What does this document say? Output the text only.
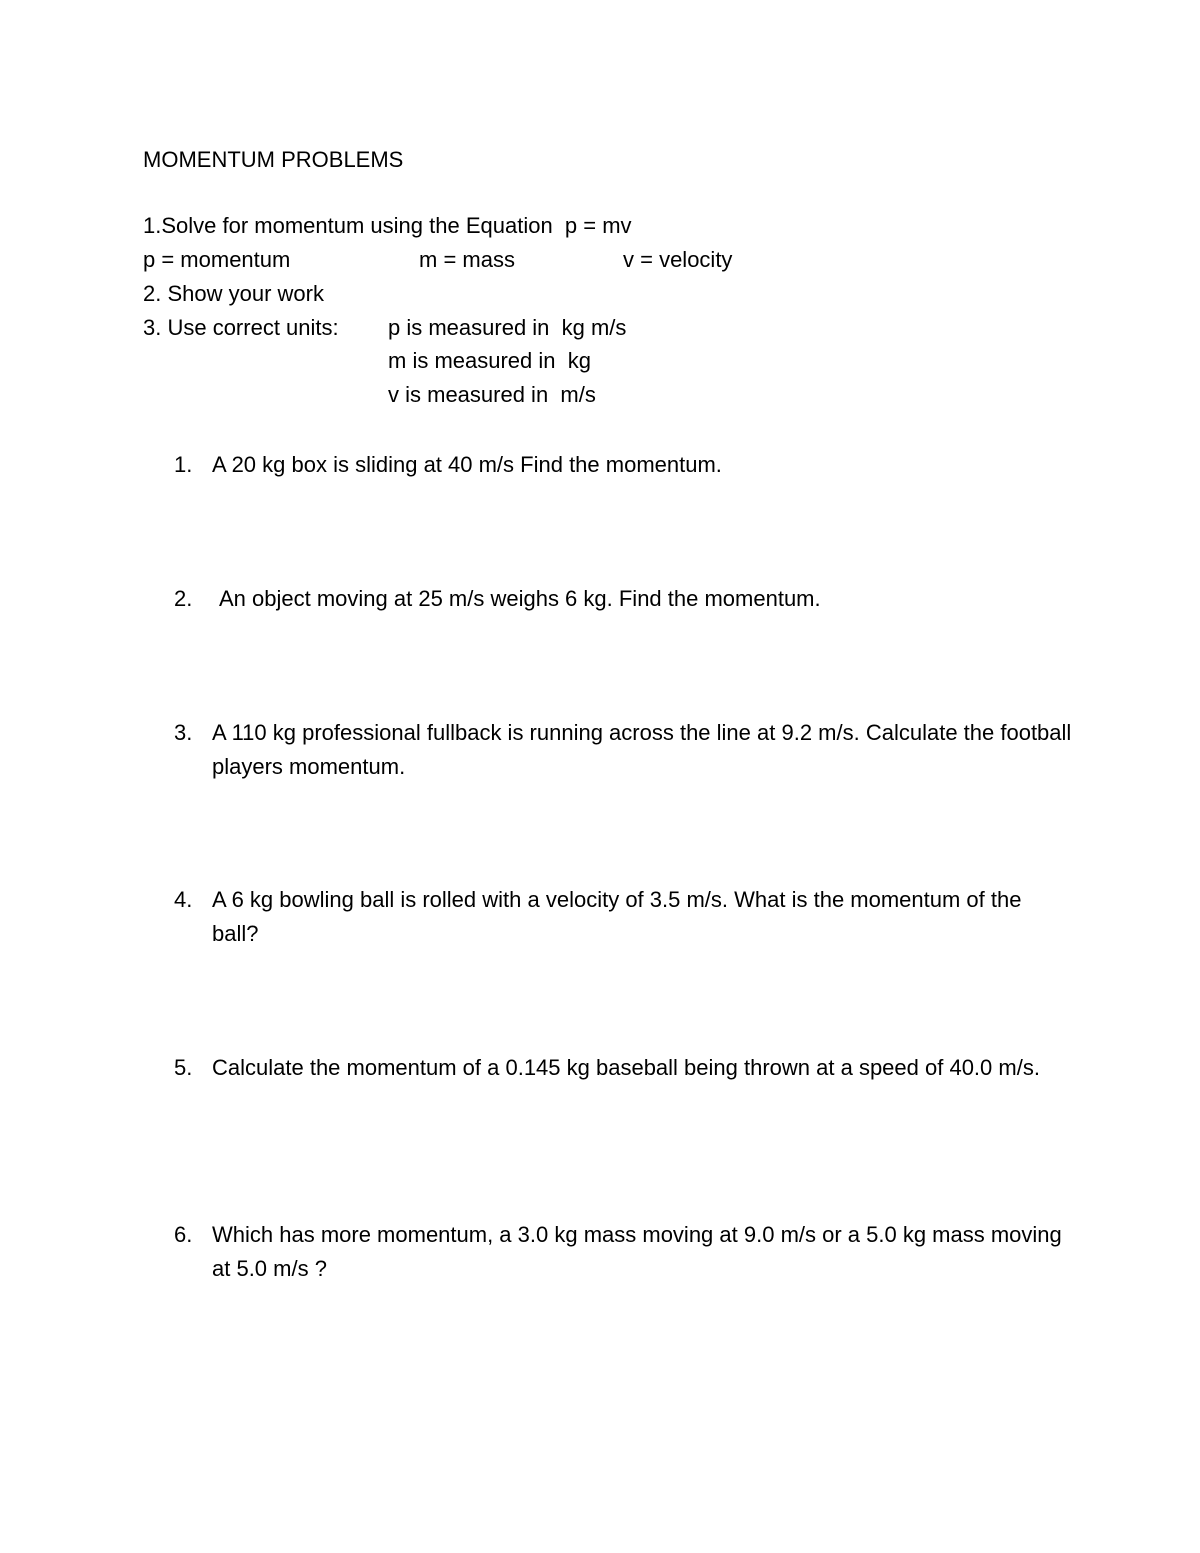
MOMENTUM PROBLEMS
1.Solve for momentum using the Equation  p = mv
p = momentum	m = mass	v = velocity
2. Show your work
3. Use correct units: p is measured in  kg m/s
m is measured in  kg
v is measured in  m/s
1. A 20 kg box is sliding at 40 m/s Find the momentum.
2. An object moving at 25 m/s weighs 6 kg. Find the momentum.
3. A 110 kg professional fullback is running across the line at 9.2 m/s. Calculate the football players momentum.
4. A 6 kg bowling ball is rolled with a velocity of 3.5 m/s. What is the momentum of the ball?
5. Calculate the momentum of a 0.145 kg baseball being thrown at a speed of 40.0 m/s.
6. Which has more momentum, a 3.0 kg mass moving at 9.0 m/s or a 5.0 kg mass moving at 5.0 m/s ?
